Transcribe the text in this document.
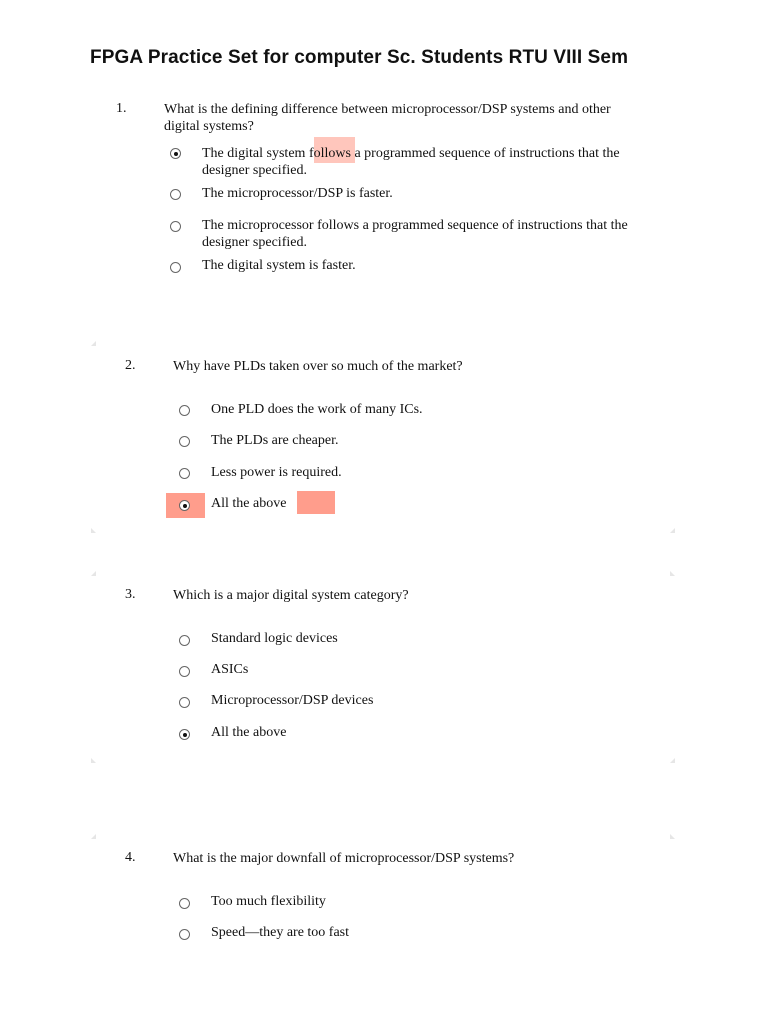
FPGA Practice Set for computer Sc. Students RTU VIII Sem
1.	What is the defining difference between microprocessor/DSP systems and other
digital systems?
The digital system follows a programmed sequence of instructions that the
designer specified.
The microprocessor/DSP is faster.
The microprocessor follows a programmed sequence of instructions that the
designer specified.
The digital system is faster.
2.	Why have PLDs taken over so much of the market?
One PLD does the work of many ICs.
The PLDs are cheaper.
Less power is required.
All the above
3.	Which is a major digital system category?
Standard logic devices
ASICs
Microprocessor/DSP devices
All the above
4.	What is the major downfall of microprocessor/DSP systems?
Too much flexibility
Speed—they are too fast
